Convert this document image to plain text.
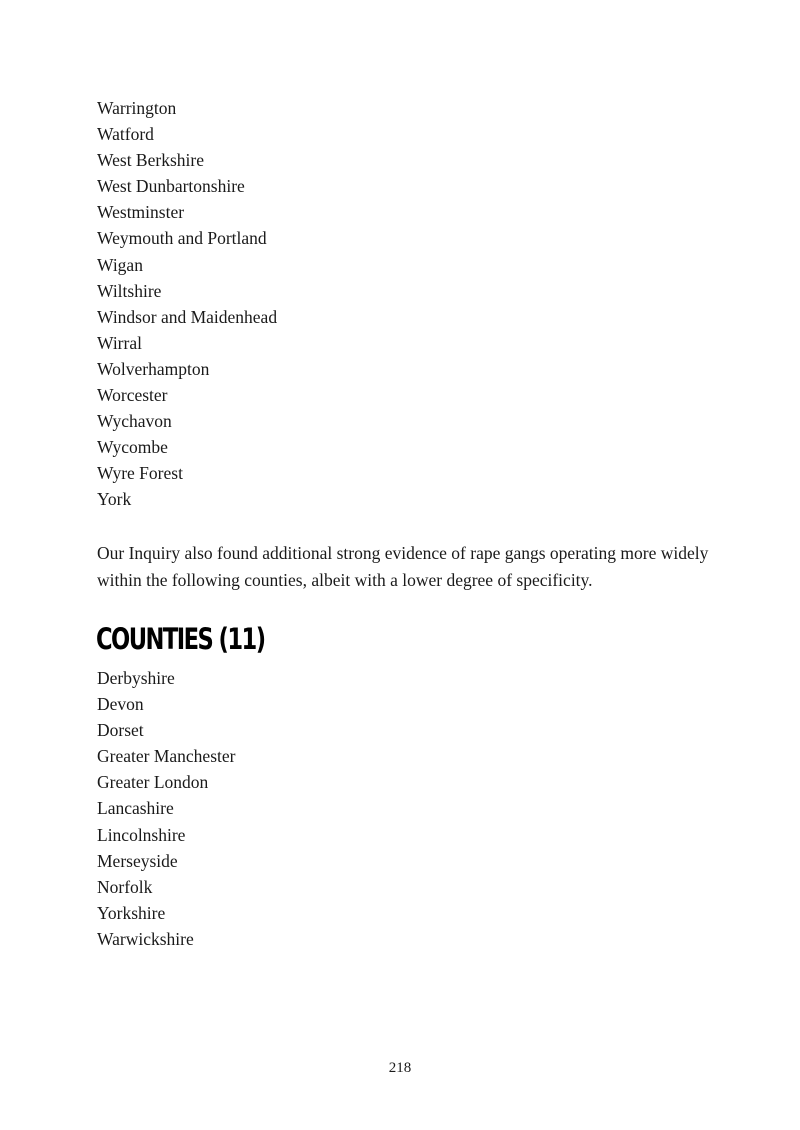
Warrington
Watford
West Berkshire
West Dunbartonshire
Westminster
Weymouth and Portland
Wigan
Wiltshire
Windsor and Maidenhead
Wirral
Wolverhampton
Worcester
Wychavon
Wycombe
Wyre Forest
York

Our Inquiry also found additional strong evidence of rape gangs operating more widely within the following counties, albeit with a lower degree of specificity.

COUNTIES (11)
Derbyshire
Devon
Dorset
Greater Manchester
Greater London
Lancashire
Lincolnshire
Merseyside
Norfolk
Yorkshire
Warwickshire
218
